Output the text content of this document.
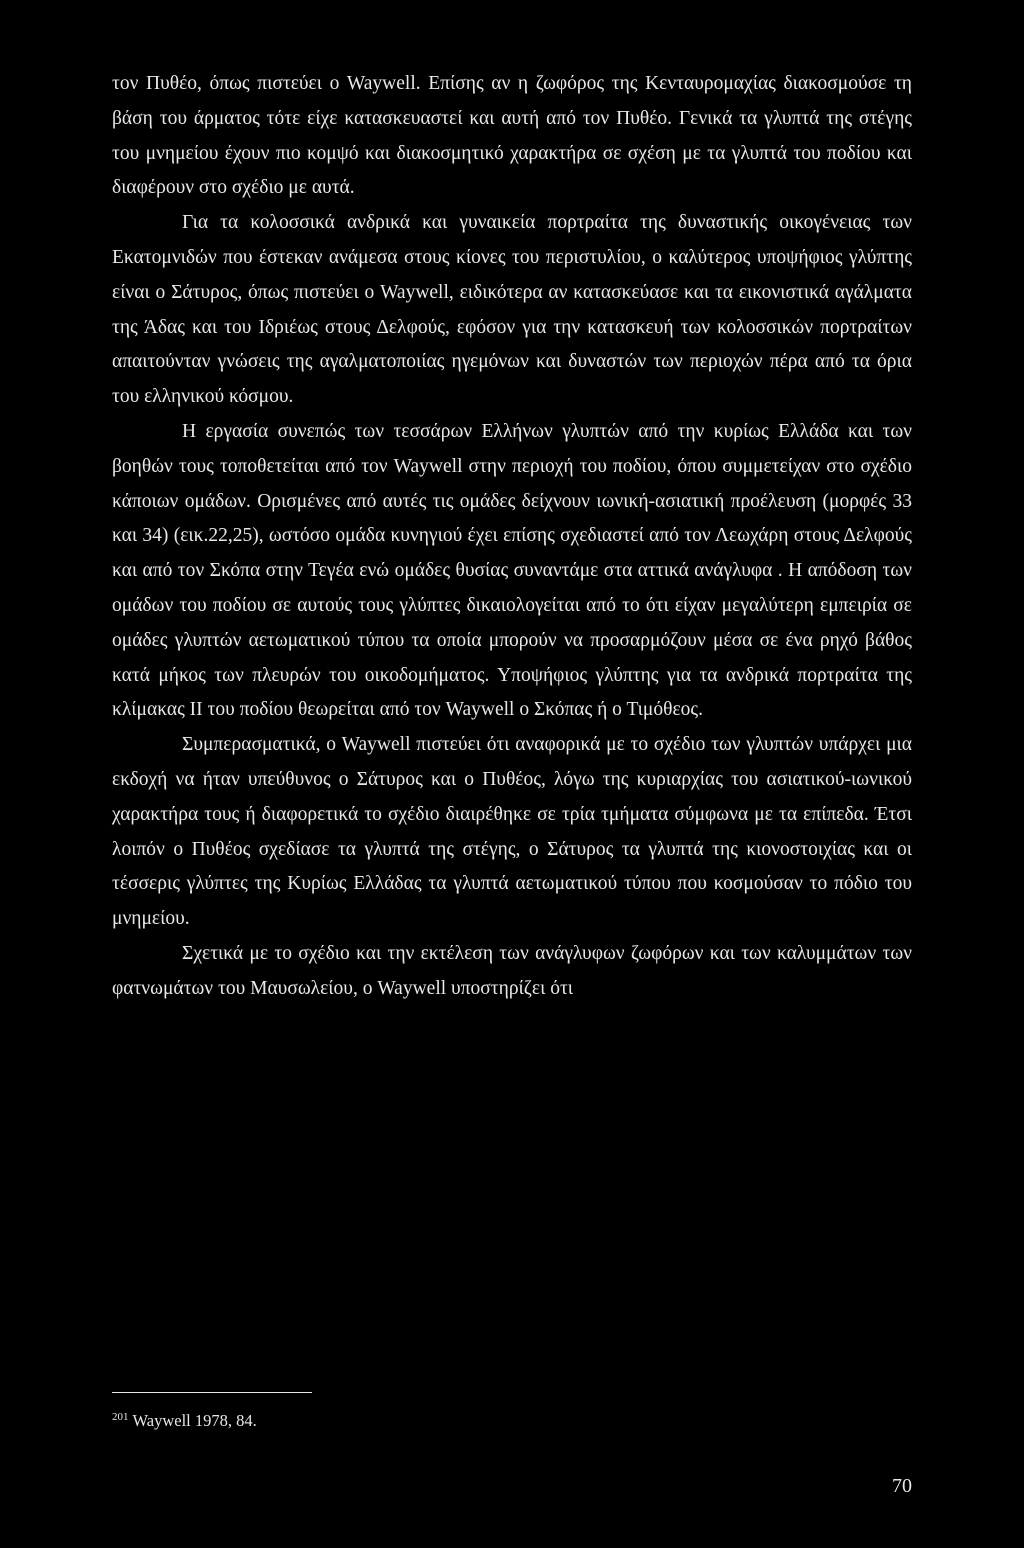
τον Πυθέο, όπως πιστεύει ο Waywell. Επίσης αν η ζωφόρος της Κενταυρομαχίας διακοσμούσε τη βάση του άρματος τότε είχε κατασκευαστεί και αυτή από τον Πυθέο. Γενικά τα γλυπτά της στέγης του μνημείου έχουν πιο κομψό και διακοσμητικό χαρακτήρα σε σχέση με τα γλυπτά του ποδίου και διαφέρουν στο σχέδιο με αυτά.

Για τα κολοσσικά ανδρικά και γυναικεία πορτραίτα της δυναστικής οικογένειας των Εκατομνιδών που έστεκαν ανάμεσα στους κίονες του περιστυλίου, ο καλύτερος υποψήφιος γλύπτης είναι ο Σάτυρος, όπως πιστεύει ο Waywell, ειδικότερα αν κατασκεύασε και τα εικονιστικά αγάλματα της Άδας και του Ιδριέως στους Δελφούς, εφόσον για την κατασκευή των κολοσσικών πορτραίτων απαιτούνταν γνώσεις της αγαλματοποιίας ηγεμόνων και δυναστών των περιοχών πέρα από τα όρια του ελληνικού κόσμου.

Η εργασία συνεπώς των τεσσάρων Ελλήνων γλυπτών από την κυρίως Ελλάδα και των βοηθών τους τοποθετείται από τον Waywell στην περιοχή του ποδίου, όπου συμμετείχαν στο σχέδιο κάποιων ομάδων. Ορισμένες από αυτές τις ομάδες δείχνουν ιωνική-ασιατική προέλευση (μορφές 33 και 34) (εικ.22,25), ωστόσο ομάδα κυνηγιού έχει επίσης σχεδιαστεί από τον Λεωχάρη στους Δελφούς και από τον Σκόπα στην Τεγέα ενώ ομάδες θυσίας συναντάμε στα αττικά ανάγλυφα . Η απόδοση των ομάδων του ποδίου σε αυτούς τους γλύπτες δικαιολογείται από το ότι είχαν μεγαλύτερη εμπειρία σε ομάδες γλυπτών αετωματικού τύπου τα οποία μπορούν να προσαρμόζουν μέσα σε ένα ρηχό βάθος κατά μήκος των πλευρών του οικοδομήματος. Υποψήφιος γλύπτης για τα ανδρικά πορτραίτα της κλίμακας ΙΙ του ποδίου θεωρείται από τον Waywell ο Σκόπας ή ο Τιμόθεος.

Συμπερασματικά, ο Waywell πιστεύει ότι αναφορικά με το σχέδιο των γλυπτών υπάρχει μια εκδοχή να ήταν υπεύθυνος ο Σάτυρος και ο Πυθέος, λόγω της κυριαρχίας του ασιατικού-ιωνικού χαρακτήρα τους ή διαφορετικά το σχέδιο διαιρέθηκε σε τρία τμήματα σύμφωνα με τα επίπεδα. Έτσι λοιπόν ο Πυθέος σχεδίασε τα γλυπτά της στέγης, ο Σάτυρος τα γλυπτά της κιονοστοιχίας και οι τέσσερις γλύπτες της Κυρίως Ελλάδας τα γλυπτά αετωματικού τύπου που κοσμούσαν το πόδιο του μνημείου.

Σχετικά με το σχέδιο και την εκτέλεση των ανάγλυφων ζωφόρων και των καλυμμάτων των φατνωμάτων του Μαυσωλείου, ο Waywell υποστηρίζει ότι

$^{201}$ Waywell 1978, 84.
70
